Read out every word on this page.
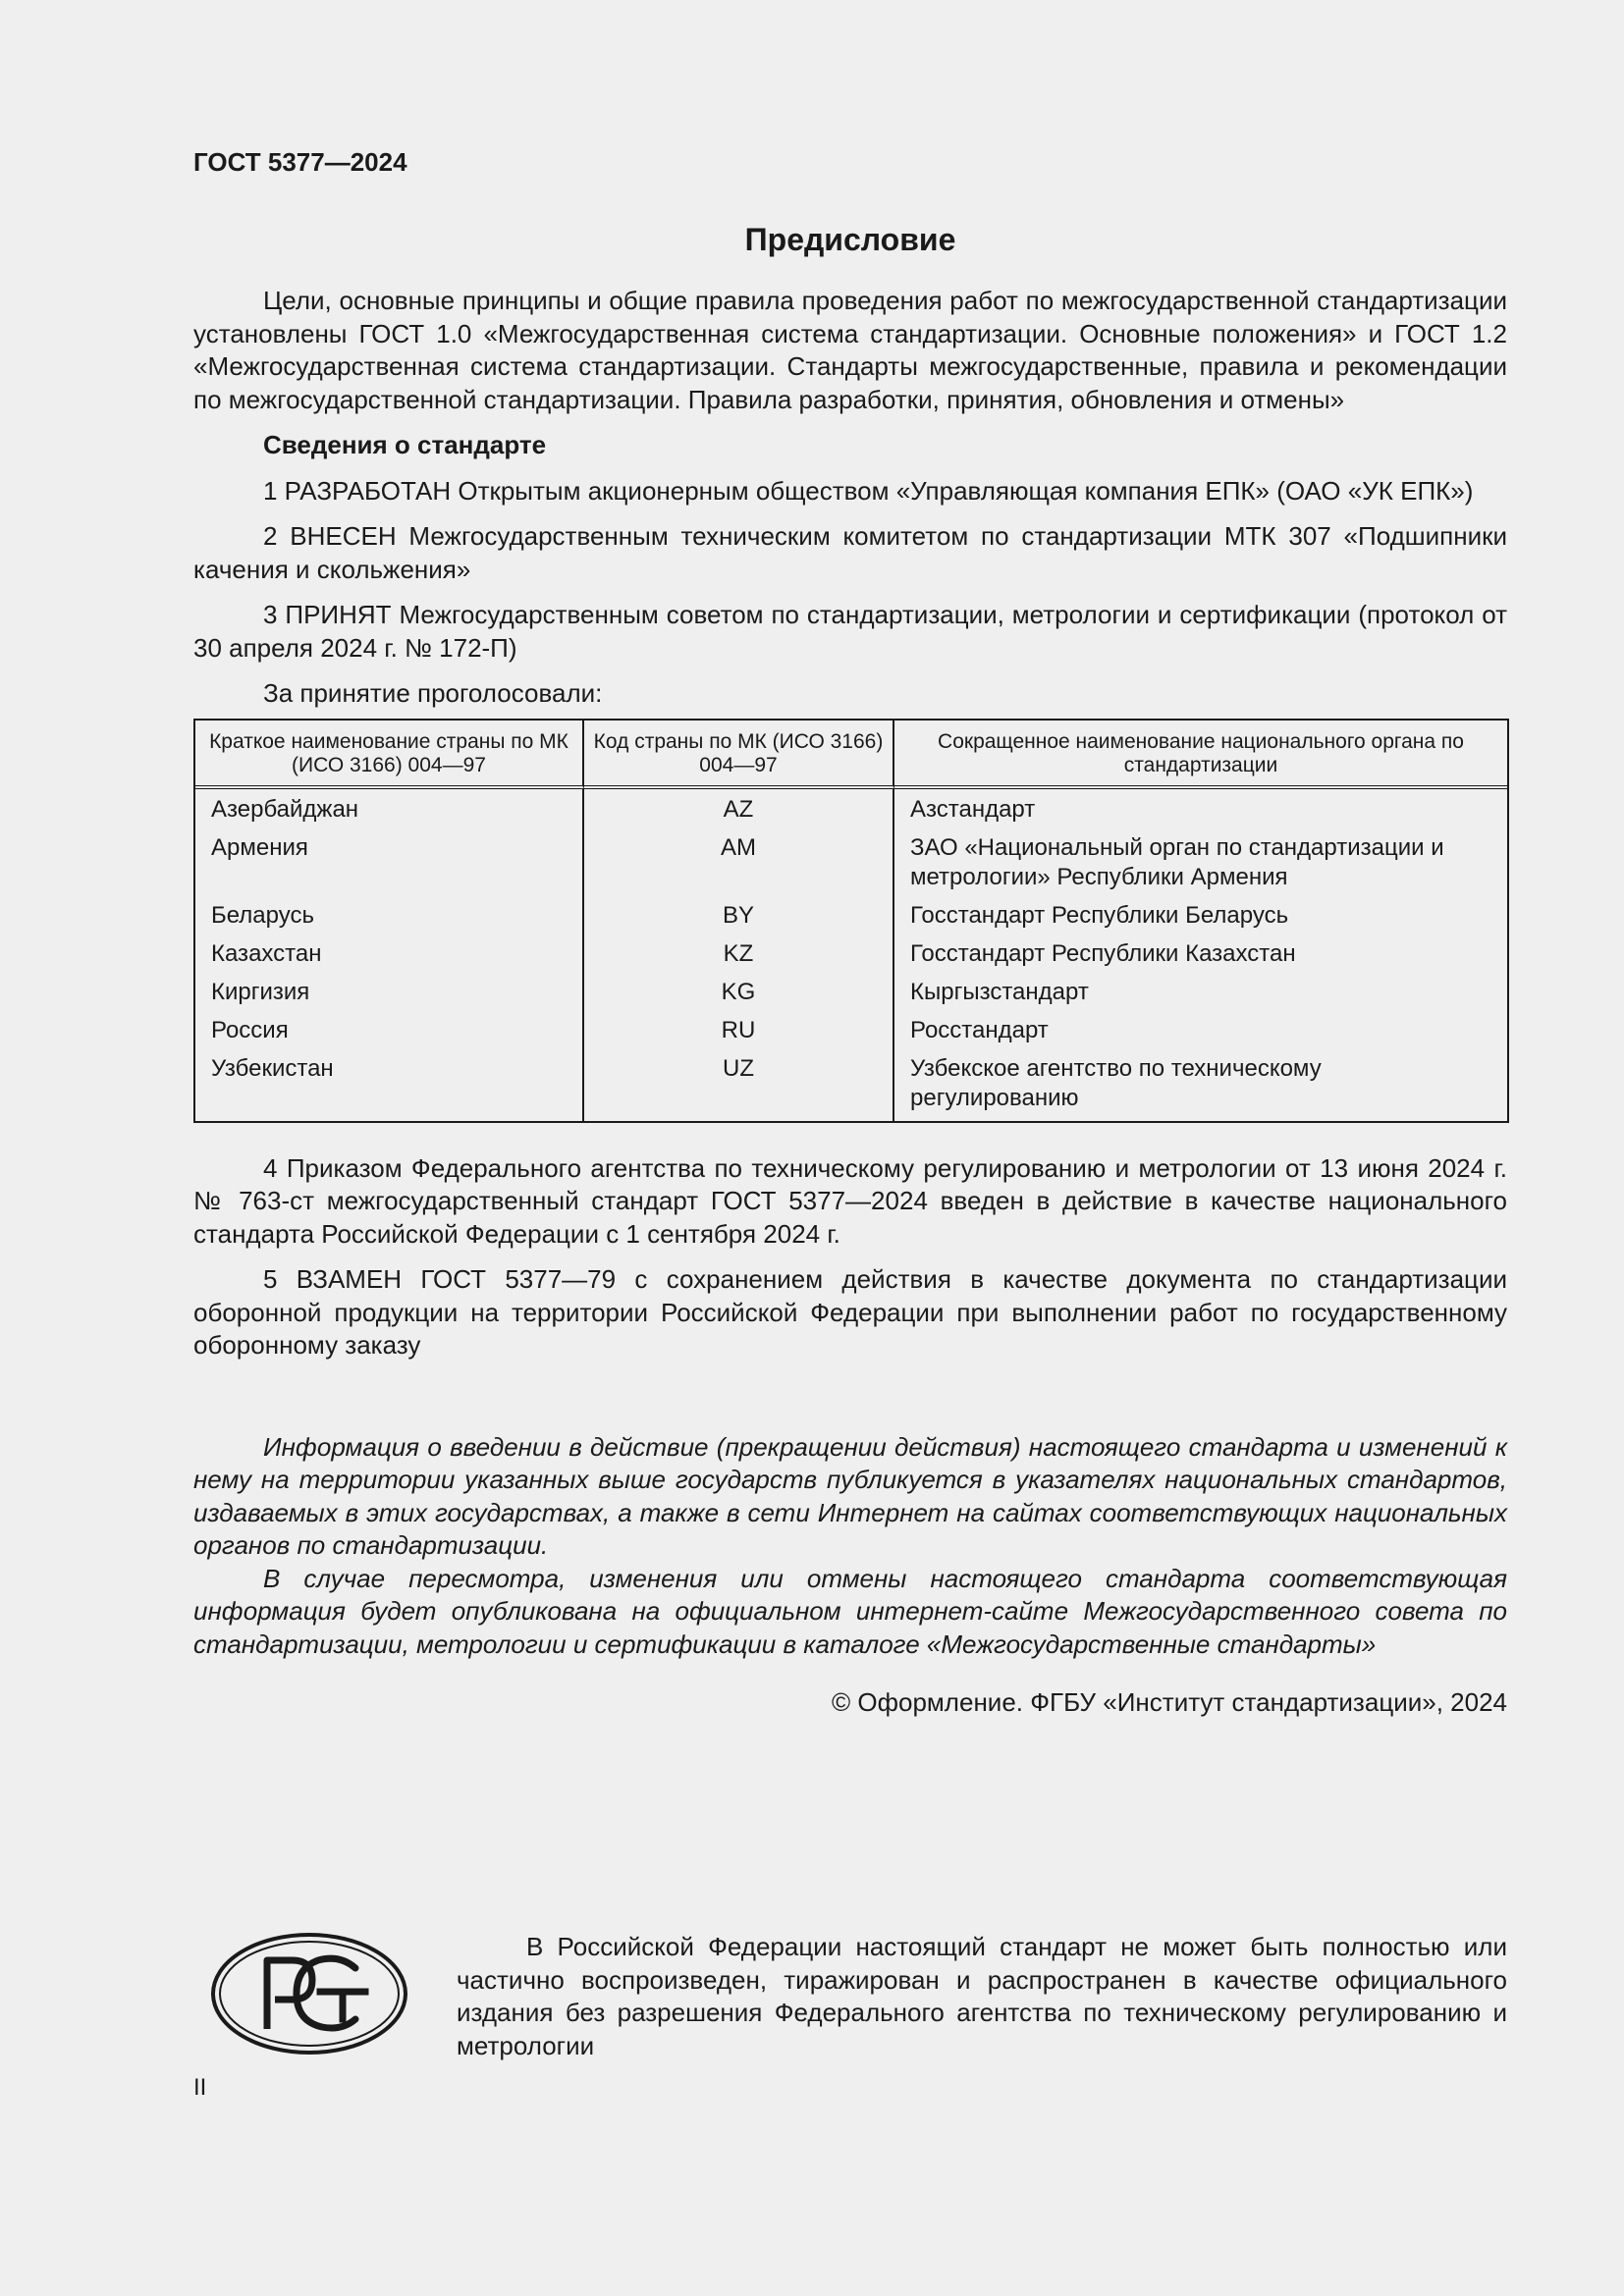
ГОСТ 5377—2024

Предисловие

Цели, основные принципы и общие правила проведения работ по межгосударственной стандартизации установлены ГОСТ 1.0 «Межгосударственная система стандартизации. Основные положения» и ГОСТ 1.2 «Межгосударственная система стандартизации. Стандарты межгосударственные, правила и рекомендации по межгосударственной стандартизации. Правила разработки, принятия, обновления и отмены»

Сведения о стандарте

1 РАЗРАБОТАН Открытым акционерным обществом «Управляющая компания ЕПК» (ОАО «УК ЕПК»)

2 ВНЕСЕН Межгосударственным техническим комитетом по стандартизации МТК 307 «Подшипники качения и скольжения»

3 ПРИНЯТ Межгосударственным советом по стандартизации, метрологии и сертификации (протокол от 30 апреля 2024 г. № 172-П)

За принятие проголосовали:

Краткое наименование страны по МК (ИСО 3166) 004—97	Код страны по МК (ИСО 3166) 004—97	Сокращенное наименование национального органа по стандартизации
Азербайджан	AZ	Азстандарт
Армения	AM	ЗАО «Национальный орган по стандартизации и метрологии» Республики Армения
Беларусь	BY	Госстандарт Республики Беларусь
Казахстан	KZ	Госстандарт Республики Казахстан
Киргизия	KG	Кыргызстандарт
Россия	RU	Росстандарт
Узбекистан	UZ	Узбекское агентство по техническому регулированию

4 Приказом Федерального агентства по техническому регулированию и метрологии от 13 июня 2024 г. № 763-ст межгосударственный стандарт ГОСТ 5377—2024 введен в действие в качестве национального стандарта Российской Федерации с 1 сентября 2024 г.

5 ВЗАМЕН ГОСТ 5377—79 с сохранением действия в качестве документа по стандартизации оборонной продукции на территории Российской Федерации при выполнении работ по государственному оборонному заказу

Информация о введении в действие (прекращении действия) настоящего стандарта и изменений к нему на территории указанных выше государств публикуется в указателях национальных стандартов, издаваемых в этих государствах, а также в сети Интернет на сайтах соответствующих национальных органов по стандартизации.

В случае пересмотра, изменения или отмены настоящего стандарта соответствующая информация будет опубликована на официальном интернет-сайте Межгосударственного совета по стандартизации, метрологии и сертификации в каталоге «Межгосударственные стандарты»

© Оформление. ФГБУ «Институт стандартизации», 2024

В Российской Федерации настоящий стандарт не может быть полностью или частично воспроизведен, тиражирован и распространен в качестве официального издания без разрешения Федерального агентства по техническому регулированию и метрологии

II
